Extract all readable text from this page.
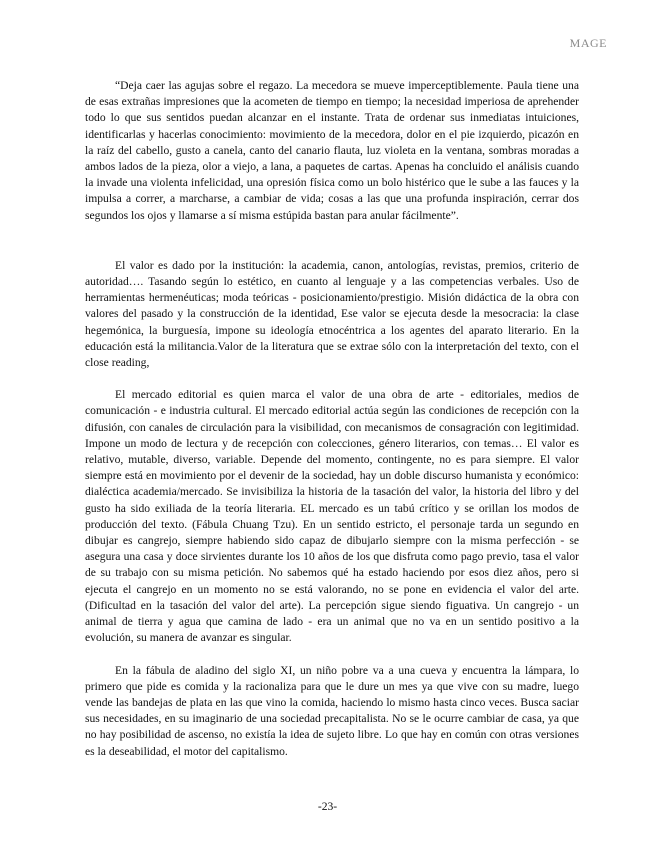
MAGE

“Deja caer las agujas sobre el regazo. La mecedora se mueve imperceptiblemente. Paula tiene una de esas extrañas impresiones que la acometen de tiempo en tiempo; la necesidad imperiosa de aprehender todo lo que sus sentidos puedan alcanzar en el instante. Trata de ordenar sus inmediatas intuiciones, identificarlas y hacerlas conocimiento: movimiento de la mecedora, dolor en el pie izquierdo, picazón en la raíz del cabello, gusto a canela, canto del canario flauta, luz violeta en la ventana, sombras moradas a ambos lados de la pieza, olor a viejo, a lana, a paquetes de cartas. Apenas ha concluido el análisis cuando la invade una violenta infelicidad, una opresión física como un bolo histérico que le sube a las fauces y la impulsa a correr, a marcharse, a cambiar de vida; cosas a las que una profunda inspiración, cerrar dos segundos los ojos y llamarse a sí misma estúpida bastan para anular fácilmente”.

El valor es dado por la institución: la academia, canon, antologías, revistas, premios, criterio de autoridad…. Tasando según lo estético, en cuanto al lenguaje y a las competencias verbales. Uso de herramientas hermenéuticas; moda teóricas - posicionamiento/prestigio. Misión didáctica de la obra con valores del pasado y la construcción de la identidad, Ese valor se ejecuta desde la mesocracia: la clase hegemónica, la burguesía, impone su ideología etnocéntrica a los agentes del aparato literario. En la educación está la militancia.Valor de la literatura que se extrae sólo con la interpretación del texto, con el close reading,

El mercado editorial es quien marca el valor de una obra de arte - editoriales, medios de comunicación - e industria cultural. El mercado editorial actúa según las condiciones de recepción con la difusión, con canales de circulación para la visibilidad, con mecanismos de consagración con legitimidad. Impone un modo de lectura y de recepción con colecciones, género literarios, con temas… El valor es relativo, mutable, diverso, variable. Depende del momento, contingente, no es para siempre. El valor siempre está en movimiento por el devenir de la sociedad, hay un doble discurso humanista y económico: dialéctica academia/mercado. Se invisibiliza la historia de la tasación del valor, la historia del libro y del gusto ha sido exiliada de la teoría literaria. EL mercado es un tabú crítico y se orillan los modos de producción del texto. (Fábula Chuang Tzu). En un sentido estricto, el personaje tarda un segundo en dibujar es cangrejo, siempre habiendo sido capaz de dibujarlo siempre con la misma perfección - se asegura una casa y doce sirvientes durante los 10 años de los que disfruta como pago previo, tasa el valor de su trabajo con su misma petición. No sabemos qué ha estado haciendo por esos diez años, pero si ejecuta el cangrejo en un momento no se está valorando, no se pone en evidencia el valor del arte. (Dificultad en la tasación del valor del arte). La percepción sigue siendo figuativa. Un cangrejo - un animal de tierra y agua que camina de lado - era un animal que no va en un sentido positivo a la evolución, su manera de avanzar es singular.

En la fábula de aladino del siglo XI, un niño pobre va a una cueva y encuentra la lámpara, lo primero que pide es comida y la racionaliza para que le dure un mes ya que vive con su madre, luego vende las bandejas de plata en las que vino la comida, haciendo lo mismo hasta cinco veces. Busca saciar sus necesidades, en su imaginario de una sociedad precapitalista. No se le ocurre cambiar de casa, ya que no hay posibilidad de ascenso, no existía la idea de sujeto libre. Lo que hay en común con otras versiones es la deseabilidad, el motor del capitalismo.

-23-
